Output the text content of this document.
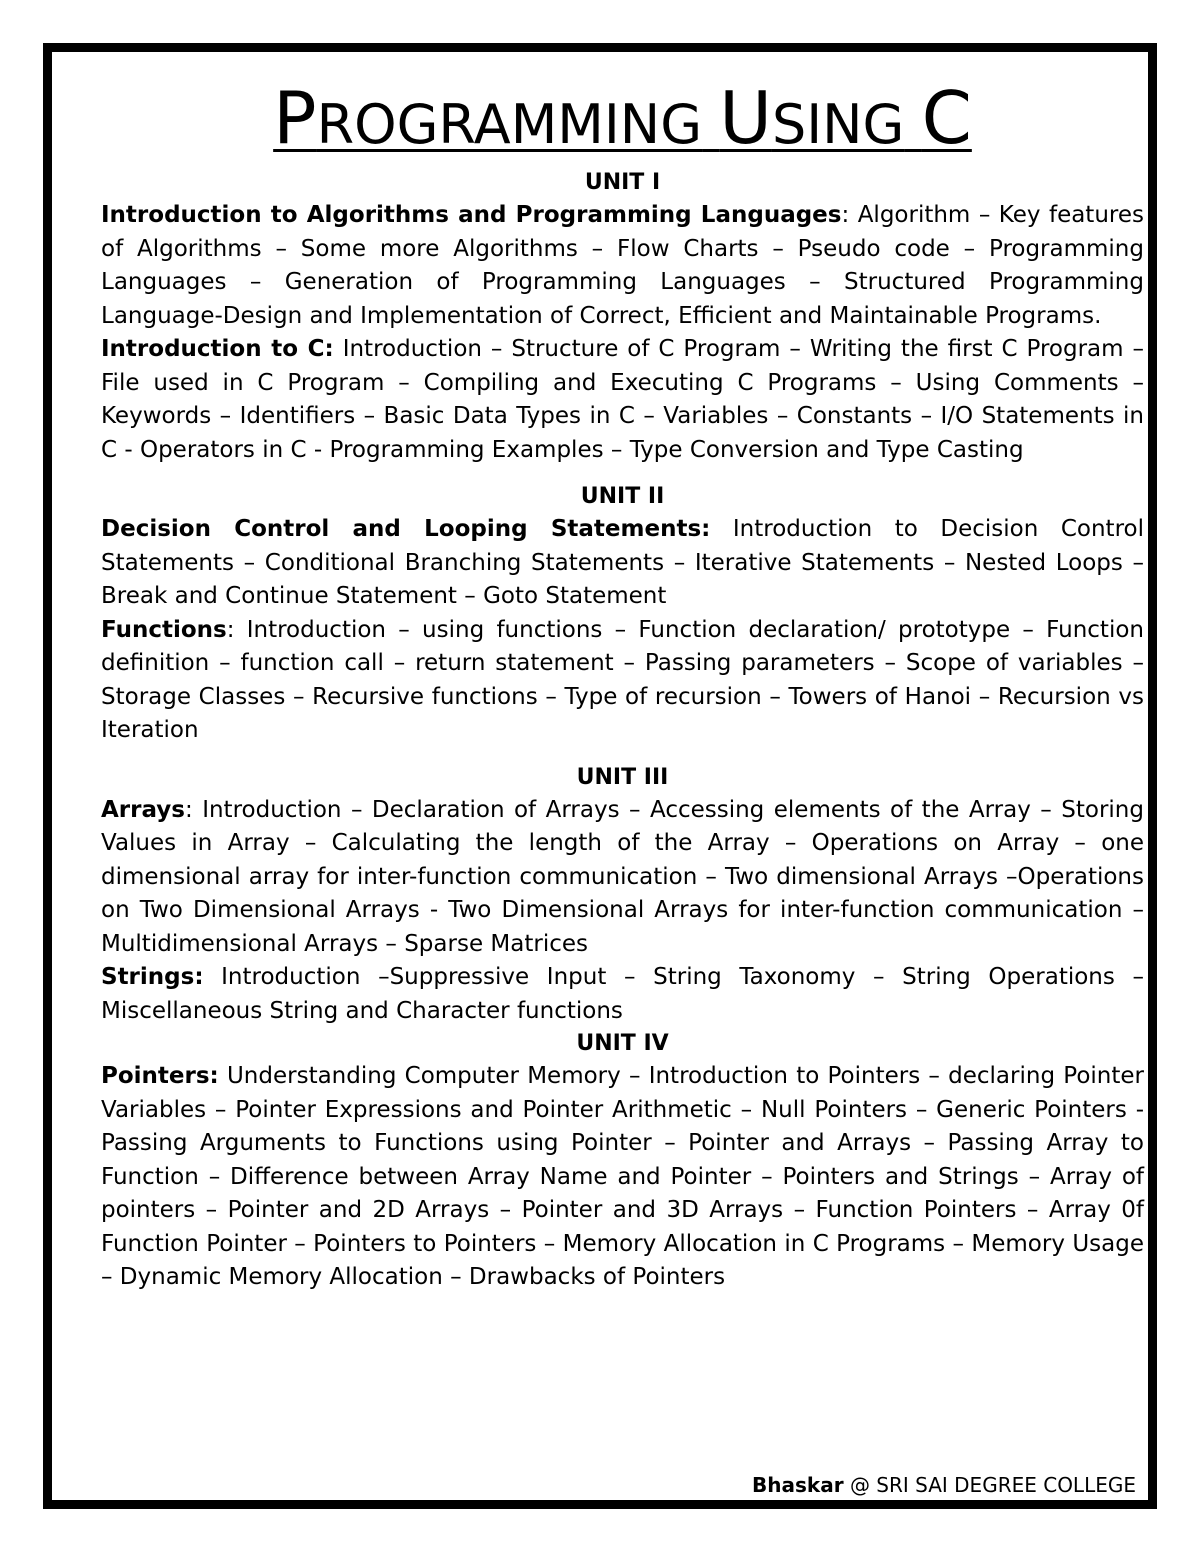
PROGRAMMING USING C

UNIT I

Introduction to Algorithms and Programming Languages: Algorithm – Key features of Algorithms – Some more Algorithms – Flow Charts – Pseudo code – Programming Languages – Generation of Programming Languages – Structured Programming Language-Design and Implementation of Correct, Efficient and Maintainable Programs.

Introduction to C: Introduction – Structure of C Program – Writing the first C Program – File used in C Program – Compiling and Executing C Programs – Using Comments – Keywords – Identifiers – Basic Data Types in C – Variables – Constants – I/O Statements in C - Operators in C - Programming Examples – Type Conversion and Type Casting

UNIT II

Decision Control and Looping Statements: Introduction to Decision Control Statements – Conditional Branching Statements – Iterative Statements – Nested Loops – Break and Continue Statement – Goto Statement

Functions: Introduction – using functions – Function declaration/ prototype – Function definition – function call – return statement – Passing parameters – Scope of variables – Storage Classes – Recursive functions – Type of recursion – Towers of Hanoi – Recursion vs Iteration

UNIT III

Arrays: Introduction – Declaration of Arrays – Accessing elements of the Array – Storing Values in Array – Calculating the length of the Array – Operations on Array – one dimensional array for inter-function communication – Two dimensional Arrays –Operations on Two Dimensional Arrays - Two Dimensional Arrays for inter-function communication – Multidimensional Arrays – Sparse Matrices

Strings: Introduction –Suppressive Input – String Taxonomy – String Operations – Miscellaneous String and Character functions

UNIT IV

Pointers: Understanding Computer Memory – Introduction to Pointers – declaring Pointer Variables – Pointer Expressions and Pointer Arithmetic – Null Pointers – Generic Pointers - Passing Arguments to Functions using Pointer – Pointer and Arrays – Passing Array to Function – Difference between Array Name and Pointer – Pointers and Strings – Array of pointers – Pointer and 2D Arrays – Pointer and 3D Arrays – Function Pointers – Array 0f Function Pointer – Pointers to Pointers – Memory Allocation in C Programs – Memory Usage – Dynamic Memory Allocation – Drawbacks of Pointers

Bhaskar @ SRI SAI DEGREE COLLEGE
